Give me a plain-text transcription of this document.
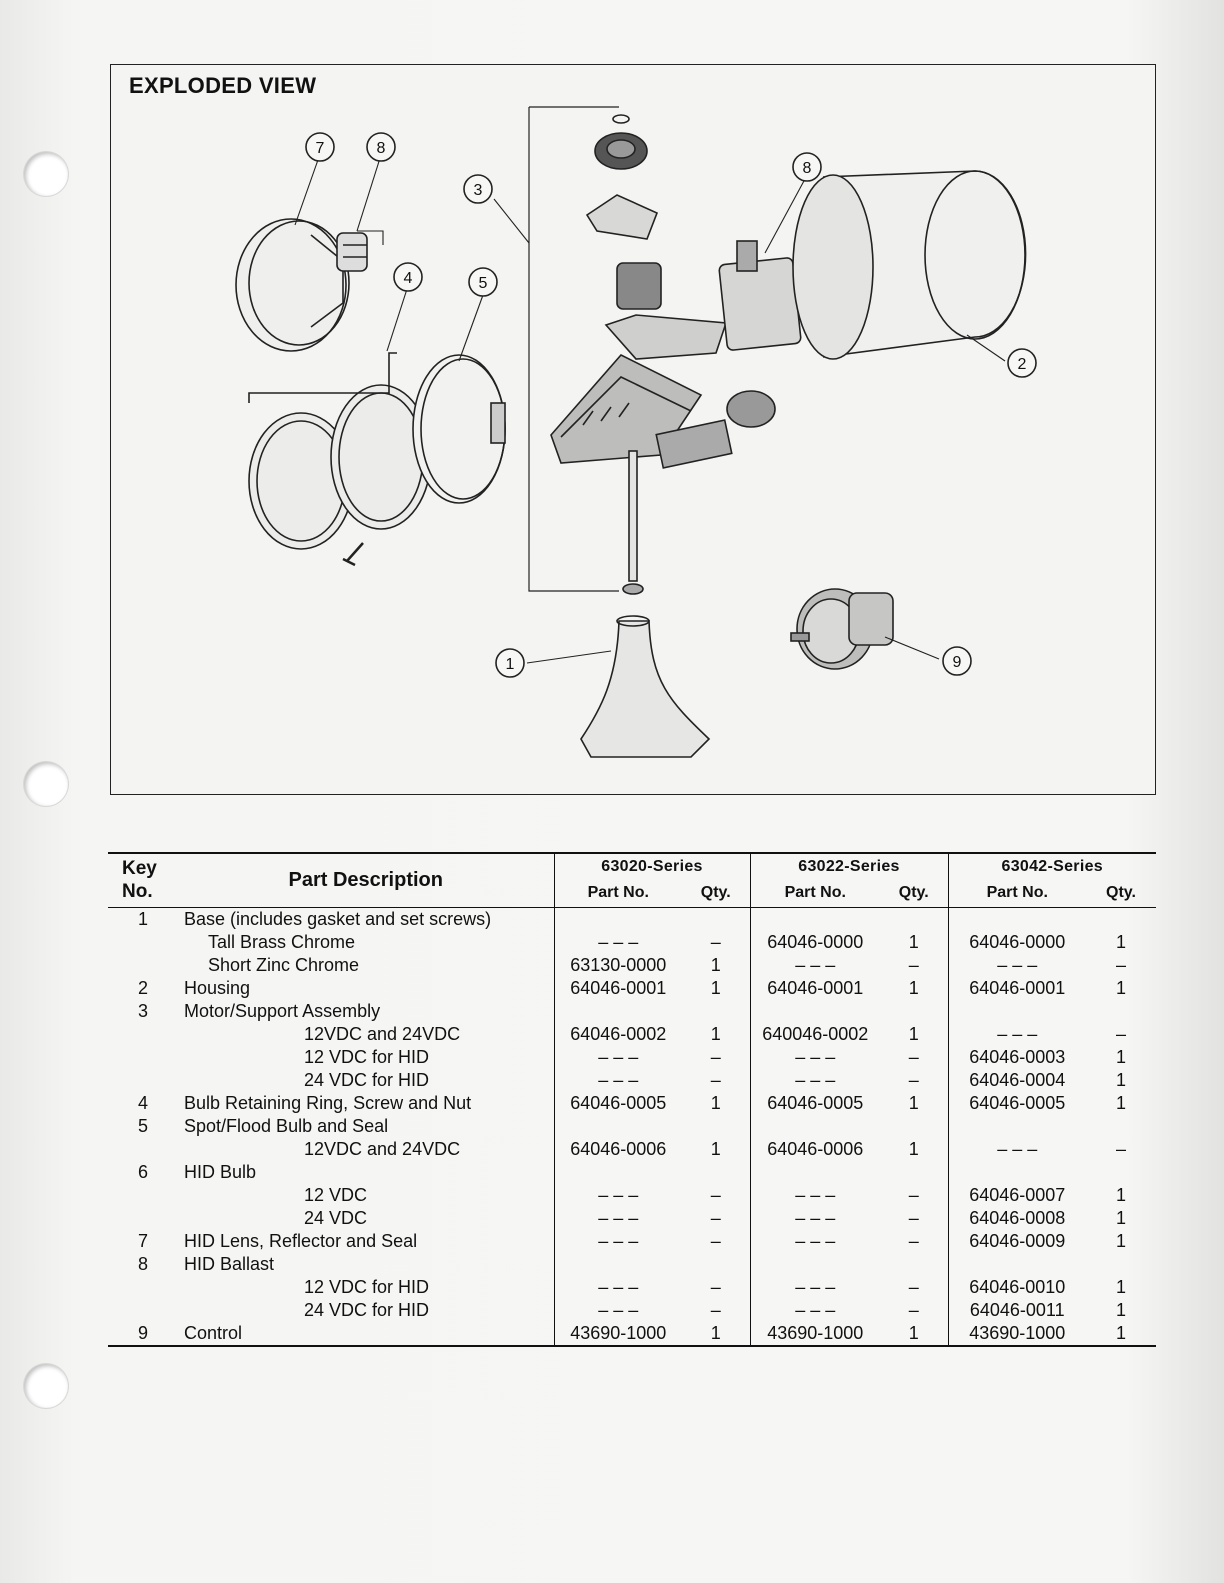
EXPLODED VIEW
7	8
3
4	5
8
2
1	9
Key
No.	Part Description	63020-Series		63022-Series		63042-Series	
		Part No.	Qty.	Part No.	Qty.	Part No.	Qty.
1	Base (includes gasket and set screws)						
	Tall Brass Chrome	– – –	–	64046-0000	1	64046-0000	1
	Short Zinc Chrome	63130-0000	1	– – –	–	– – –	–
2	Housing	64046-0001	1	64046-0001	1	64046-0001	1
3	Motor/Support Assembly						
	12VDC and 24VDC	64046-0002	1	640046-0002	1	– – –	–
	12 VDC for HID	– – –	–	– – –	–	64046-0003	1
	24 VDC for HID	– – –	–	– – –	–	64046-0004	1
4	Bulb Retaining Ring, Screw and Nut	64046-0005	1	64046-0005	1	64046-0005	1
5	Spot/Flood Bulb and Seal						
	12VDC and 24VDC	64046-0006	1	64046-0006	1	– – –	–
6	HID Bulb						
	12 VDC	– – –	–	– – –	–	64046-0007	1
	24 VDC	– – –	–	– – –	–	64046-0008	1
7	HID Lens, Reflector and Seal	– – –	–	– – –	–	64046-0009	1
8	HID Ballast						
	12 VDC for HID	– – –	–	– – –	–	64046-0010	1
	24 VDC for HID	– – –	–	– – –	–	64046-0011	1
9	Control	43690-1000	1	43690-1000	1	43690-1000	1
